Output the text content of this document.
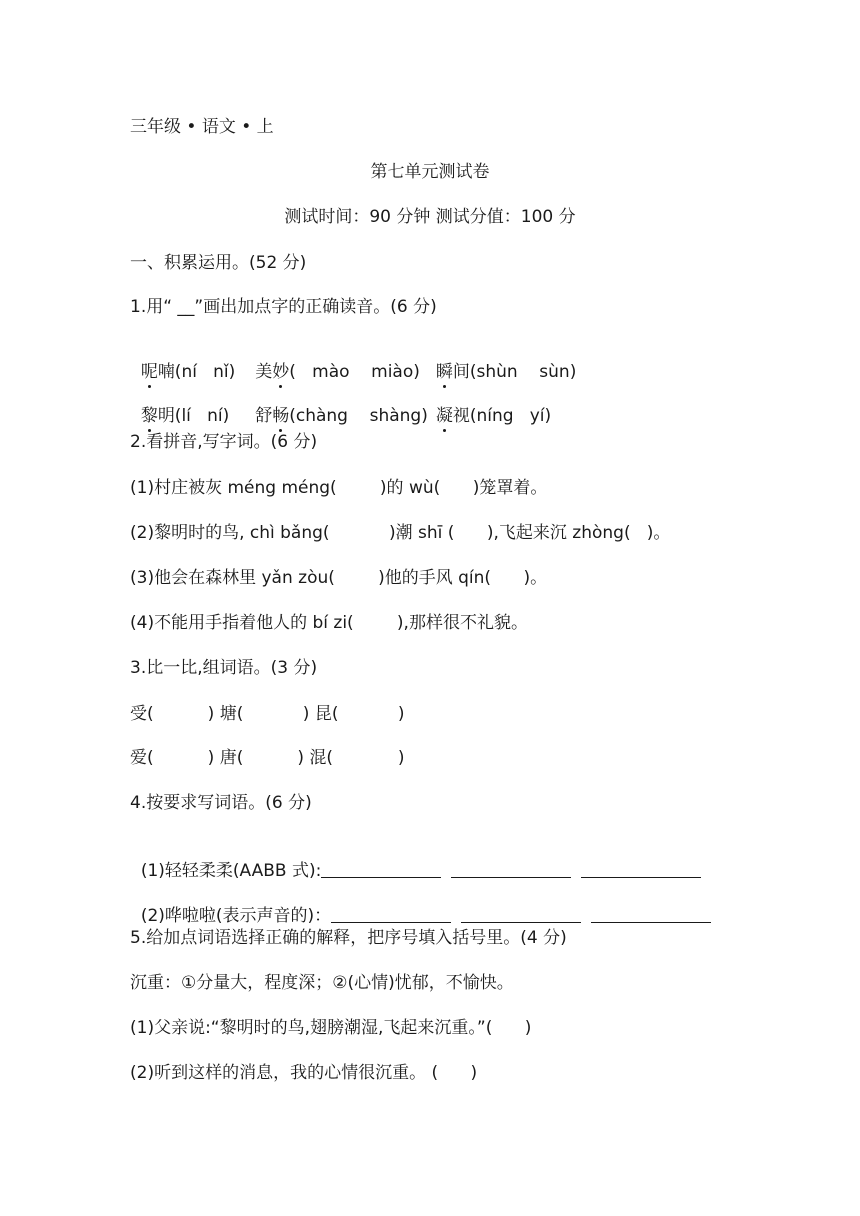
三年级 • 语文 • 上
第七单元测试卷
测试时间：90 分钟 测试分值：100 分
一、积累运用。(52 分)
1.用“ __”画出加点字的正确读音。(6 分)

呢喃(ní   nǐ) 美妙(   mào    miào) 瞬间(shùn    sùn)

黎明(lí   ní) 舒畅(chàng    shàng) 凝视(níng   yí)

2.看拼音,写字词。(6 分)
(1)村庄被灰 méng méng(        )的 wù(      )笼罩着。
(2)黎明时的鸟, chì bǎng(           )潮 shī (      ),飞起来沉 zhòng(   )。
(3)他会在森林里 yǎn zòu(        )他的手风 qín(      )。
(4)不能用手指着他人的 bí zi(        ),那样很不礼貌。
3.比一比,组词语。(3 分)
受(          ) 塘(           ) 昆(           )
爱(          ) 唐(          ) 混(            )
4.按要求写词语。(6 分)

(1)轻轻柔柔(AABB 式):

(2)哗啦啦(表示声音的)：

5.给加点词语选择正确的解释，把序号填入括号里。(4 分)
沉重：①分量大，程度深；②(心情)忧郁，不愉快。
(1)父亲说:“黎明时的鸟,翅膀潮湿,飞起来沉重。”(      )
(2)听到这样的消息，我的心情很沉重。 (      )
